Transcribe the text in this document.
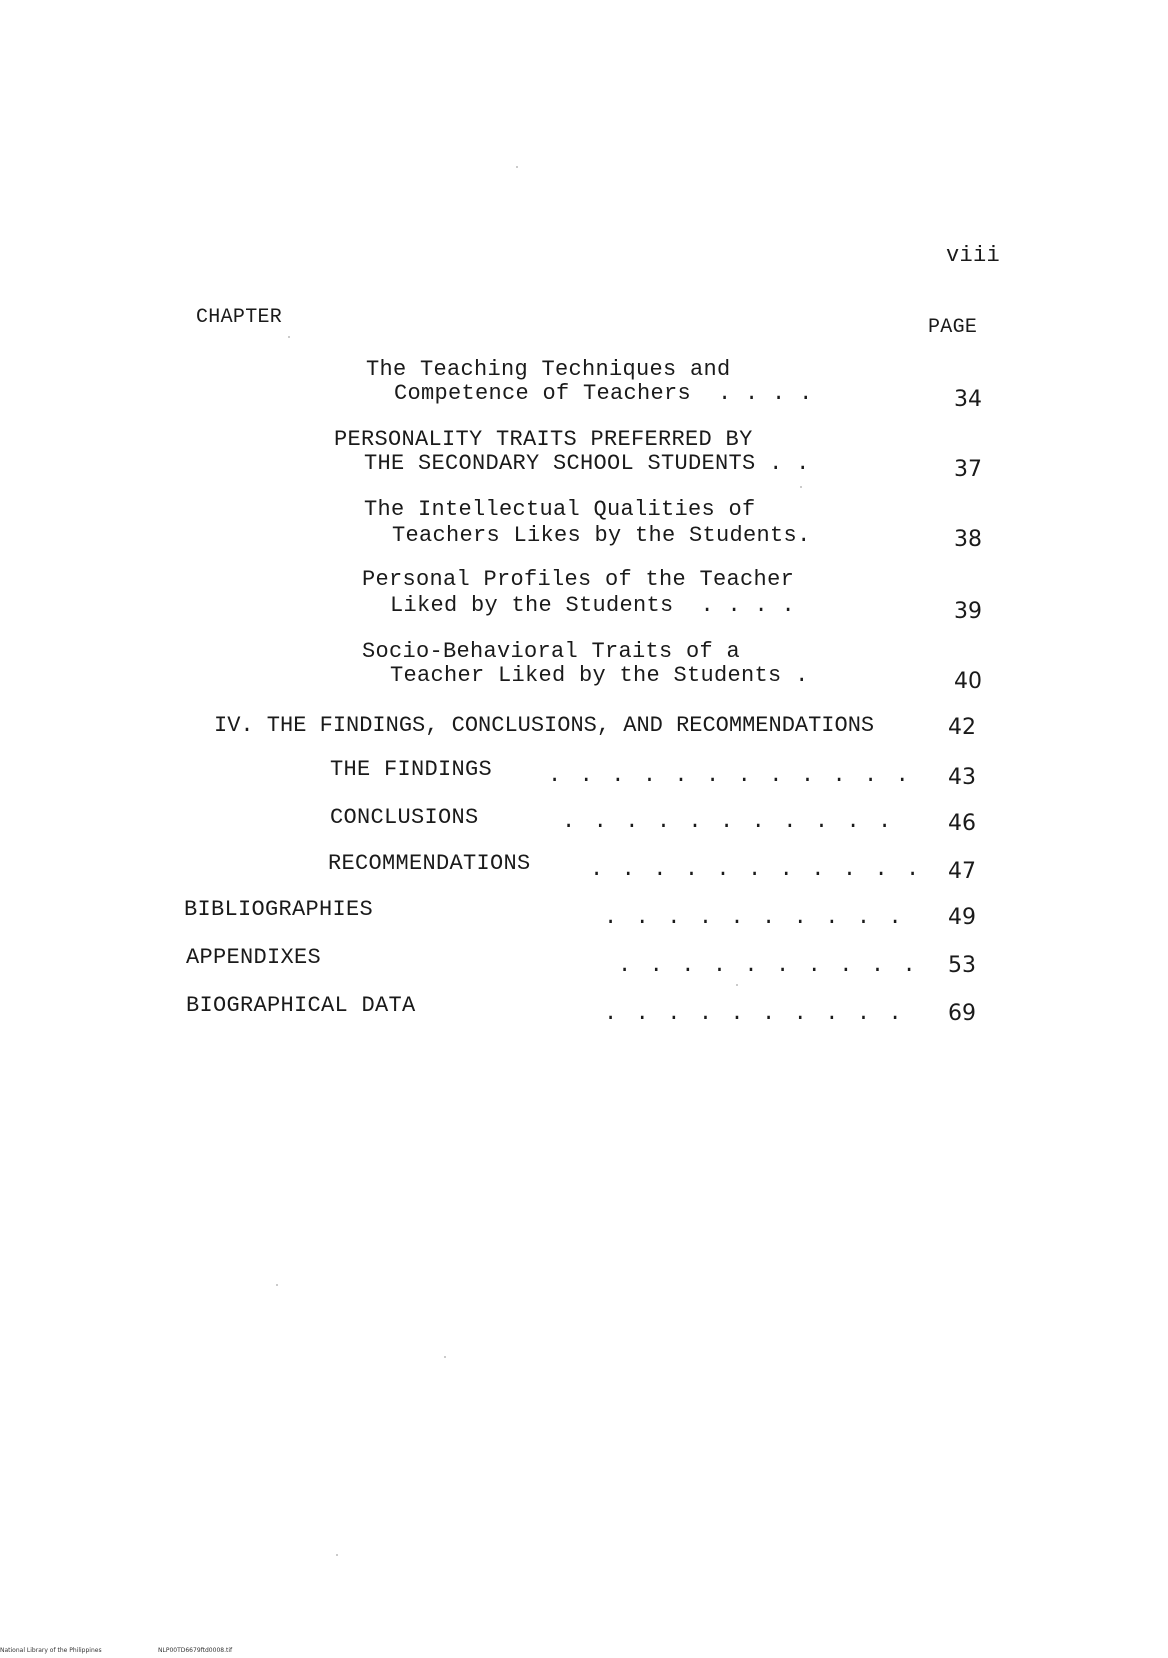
viii
CHAPTER	PAGE
The Teaching Techniques and
Competence of Teachers  . . . .	34
PERSONALITY TRAITS PREFERRED BY
THE SECONDARY SCHOOL STUDENTS . .	37
The Intellectual Qualities of
Teachers Likes by the Students.	38
Personal Profiles of the Teacher
Liked by the Students  . . . .	39
Socio-Behavioral Traits of a
Teacher Liked by the Students .	40
IV. THE FINDINGS, CONCLUSIONS, AND RECOMMENDATIONS	42
THE FINDINGS	. . . . . . . . . . . .	43
CONCLUSIONS	. . . . . . . . . . .	46
RECOMMENDATIONS	. . . . . . . . . . .	47
BIBLIOGRAPHIES	. . . . . . . . . .	49
APPENDIXES	. . . . . . . . . .	53
BIOGRAPHICAL DATA	. . . . . . . . . .	69
National Library of the Philippines	NLP00TD6679ftd0008.tif
